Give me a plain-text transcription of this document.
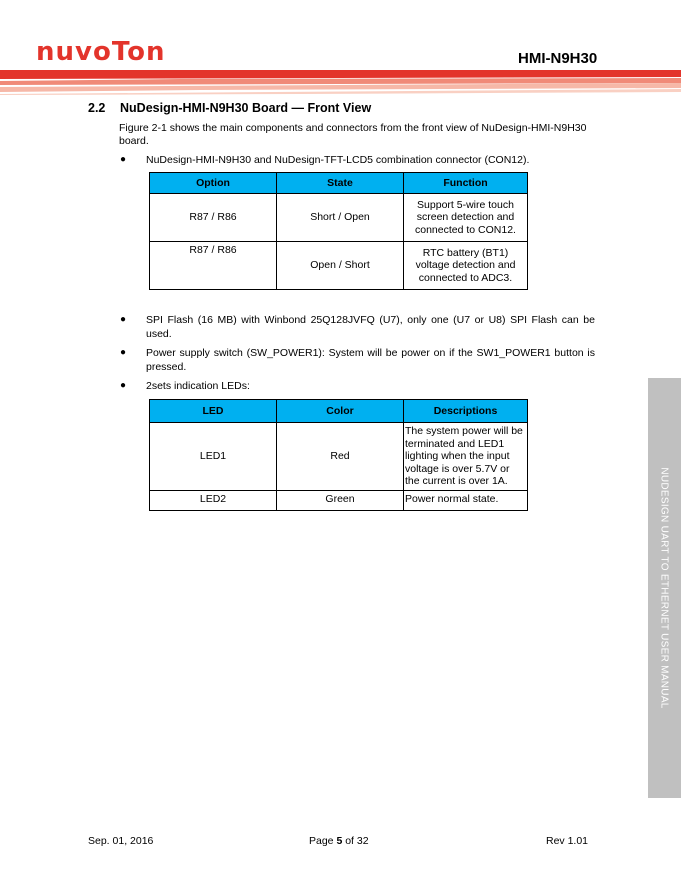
nuvoTon	HMI-N9H30
2.2 NuDesign-HMI-N9H30 Board — Front View
Figure 2-1 shows the main components and connectors from the front view of NuDesign-HMI-N9H30 board.
● NuDesign-HMI-N9H30 and NuDesign-TFT-LCD5 combination connector (CON12).
Option	State	Function
R87 / R86	Short / Open	Support 5-wire touch screen detection and connected to CON12.
R87 / R86	Open / Short	RTC battery (BT1) voltage detection and connected to ADC3.
● SPI Flash (16 MB) with Winbond 25Q128JVFQ (U7), only one (U7 or U8) SPI Flash can be used.
● Power supply switch (SW_POWER1): System will be power on if the SW1_POWER1 button is pressed.
● 2sets indication LEDs:
LED	Color	Descriptions
LED1	Red	The system power will be terminated and LED1 lighting when the input voltage is over 5.7V or the current is over 1A.
LED2	Green	Power normal state.	NUDESIGN UART TO ETHERNET USER MANUAL
Sep. 01, 2016	Page 5 of 32	Rev 1.01
